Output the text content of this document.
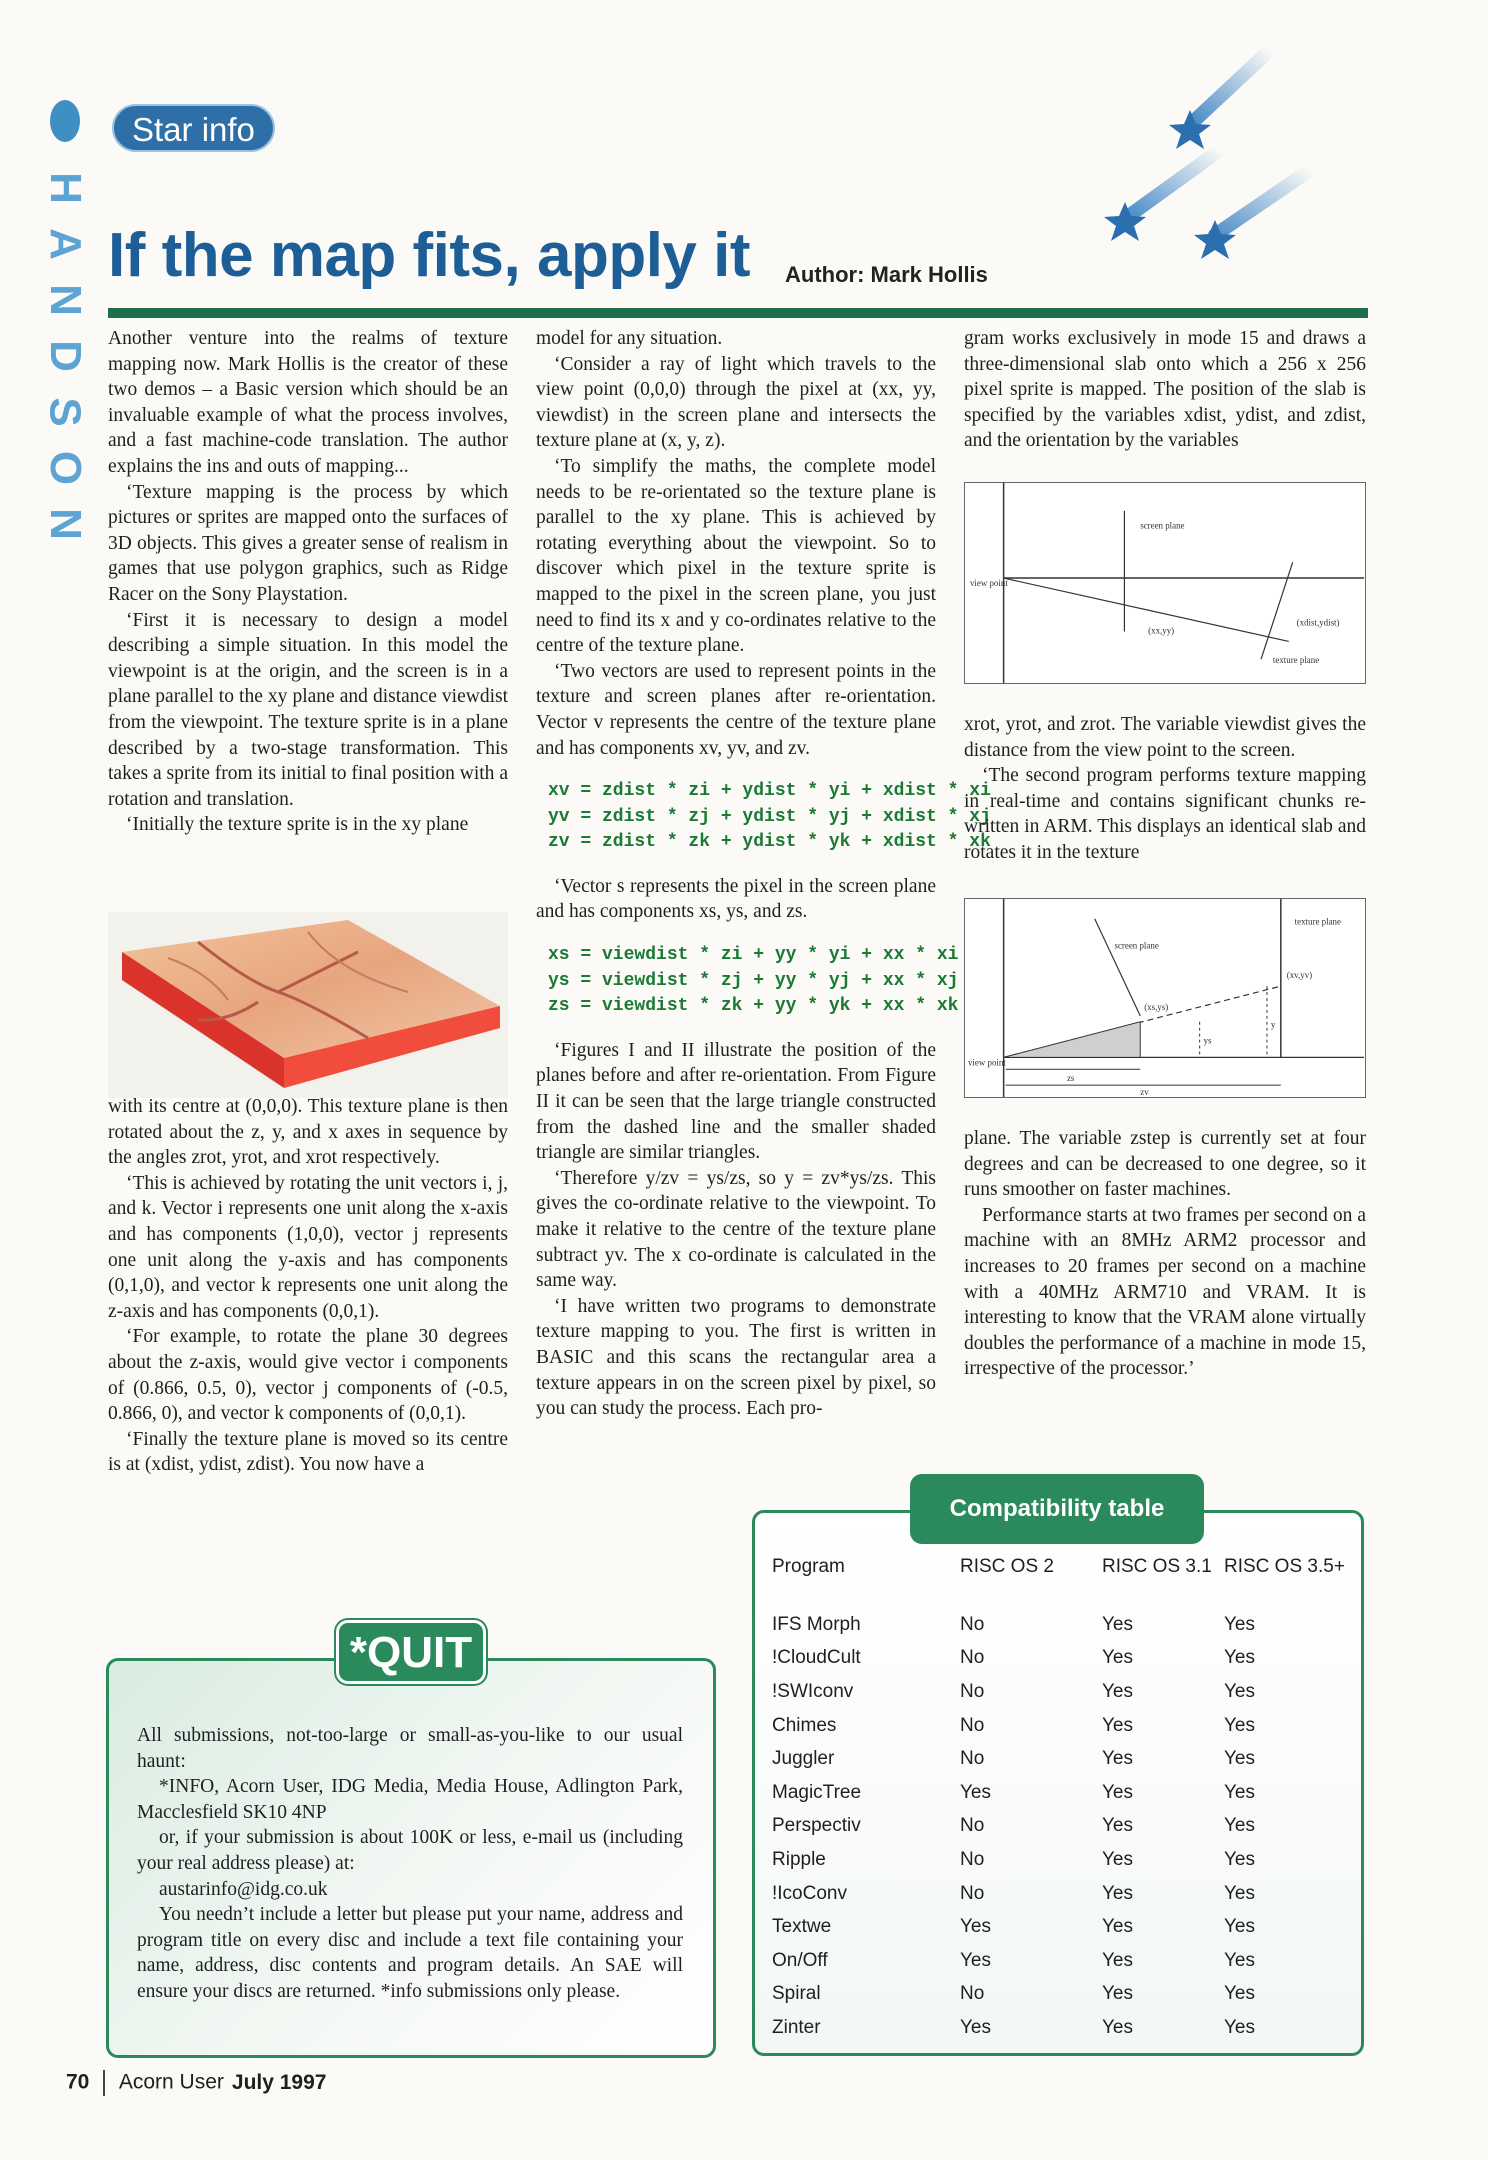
H
A
N
D
S
O
N
Star info
If the map fits, apply it Author: Mark Hollis

Another venture into the realms of texture mapping now. Mark Hollis is the creator of these two demos – a Basic version which should be an invaluable example of what the process involves, and a fast machine-code translation. The author explains the ins and outs of mapping...

‘Texture mapping is the process by which pictures or sprites are mapped onto the surfaces of 3D objects. This gives a greater sense of realism in games that use polygon graphics, such as Ridge Racer on the Sony Playstation.

‘First it is necessary to design a model describing a simple situation. In this model the viewpoint is at the origin, and the screen is in a plane parallel to the xy plane and distance viewdist from the viewpoint. The texture sprite is in a plane described by a two-stage transformation. This takes a sprite from its initial to final position with a rotation and translation.

‘Initially the texture sprite is in the xy plane

with its centre at (0,0,0). This texture plane is then rotated about the z, y, and x axes in sequence by the angles zrot, yrot, and xrot respectively.

‘This is achieved by rotating the unit vectors i, j, and k. Vector i represents one unit along the x-axis and has components (1,0,0), vector j represents one unit along the y-axis and has components (0,1,0), and vector k represents one unit along the z-axis and has components (0,0,1).

‘For example, to rotate the plane 30 degrees about the z-axis, would give vector i components of (0.866, 0.5, 0), vector j components of (-0.5, 0.866, 0), and vector k components of (0,0,1).

‘Finally the texture plane is moved so its centre is at (xdist, ydist, zdist). You now have a

model for any situation.

‘Consider a ray of light which travels to the view point (0,0,0) through the pixel at (xx, yy, viewdist) in the screen plane and intersects the texture plane at (x, y, z).

‘To simplify the maths, the complete model needs to be re-orientated so the texture plane is parallel to the xy plane. This is achieved by rotating everything about the viewpoint. So to discover which pixel in the texture sprite is mapped to the pixel in the screen plane, you just need to find its x and y co-ordinates relative to the centre of the texture plane.

‘Two vectors are used to represent points in the texture and screen planes after re-orientation. Vector v represents the centre of the texture plane and has components xv, yv, and zv.

xv = zdist * zi + ydist * yi + xdist * xi
yv = zdist * zj + ydist * yj + xdist * xj
zv = zdist * zk + ydist * yk + xdist * xk

‘Vector s represents the pixel in the screen plane and has components xs, ys, and zs.

xs = viewdist * zi + yy * yi + xx * xi
ys = viewdist * zj + yy * yj + xx * xj
zs = viewdist * zk + yy * yk + xx * xk

‘Figures I and II illustrate the position of the planes before and after re-orientation. From Figure II it can be seen that the large triangle constructed from the dashed line and the smaller shaded triangle are similar triangles.

‘Therefore y/zv = ys/zs, so y = zv*ys/zs. This gives the co-ordinate relative to the viewpoint. To make it relative to the centre of the texture plane subtract yv. The x co-ordinate is calculated in the same way.

‘I have written two programs to demonstrate texture mapping to you. The first is written in BASIC and this scans the rectangular area a texture appears in on the screen pixel by pixel, so you can study the process. Each pro-

gram works exclusively in mode 15 and draws a three-dimensional slab onto which a 256 x 256 pixel sprite is mapped. The position of the slab is specified by the variables xdist, ydist, and zdist, and the orientation by the variables

screen plane
view point
(xx,yy)
(xdist,ydist)
texture plane

xrot, yrot, and zrot. The variable viewdist gives the distance from the view point to the screen.

‘The second program performs texture mapping in real-time and contains significant chunks re-written in ARM. This displays an identical slab and rotates it in the texture

texture plane
screen plane
(xs,ys)
(xv,yv)
view point
ys
y
zs
zv

plane. The variable zstep is currently set at four degrees and can be decreased to one degree, so it runs smoother on faster machines.

Performance starts at two frames per second on a machine with an 8MHz ARM2 processor and increases to 20 frames per second on a machine with a 40MHz ARM710 and VRAM. It is interesting to know that the VRAM alone virtually doubles the performance of a machine in mode 15, irrespective of the processor.’

All submissions, not-too-large or small-as-you-like to our usual haunt:

*INFO, Acorn User, IDG Media, Media House, Adlington Park, Macclesfield SK10 4NP

or, if your submission is about 100K or less, e-mail us (including your real address please) at:

austarinfo@idg.co.uk

You needn’t include a letter but please put your name, address and program title on every disc and include a text file containing your name, address, disc contents and program details. An SAE will ensure your discs are returned. *info submissions only please.

*QUIT
Compatibility table
Program	RISC OS 2	RISC OS 3.1	RISC OS 3.5+
IFS Morph	No	Yes	Yes
!CloudCult	No	Yes	Yes
!SWIconv	No	Yes	Yes
Chimes	No	Yes	Yes
Juggler	No	Yes	Yes
MagicTree	Yes	Yes	Yes
Perspectiv	No	Yes	Yes
Ripple	No	Yes	Yes
!IcoConv	No	Yes	Yes
Textwe	Yes	Yes	Yes
On/Off	Yes	Yes	Yes
Spiral	No	Yes	Yes
Zinter	Yes	Yes	Yes
70 Acorn User July 1997
